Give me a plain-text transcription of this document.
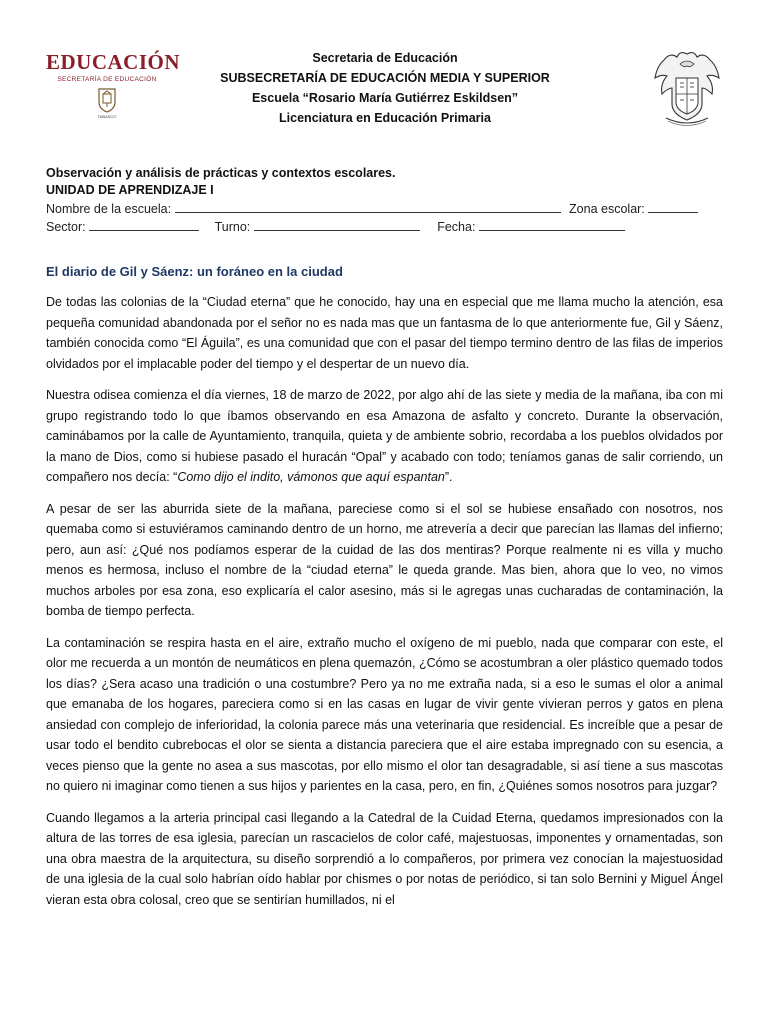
EDUCACIÓN
SECRETARÍA DE EDUCACIÓN
TABASCO
Secretaria de Educación
SUBSECRETARÍA DE EDUCACIÓN MEDIA Y SUPERIOR
Escuela “Rosario María Gutiérrez Eskildsen”
Licenciatura en Educación Primaria
Observación y análisis de prácticas y contextos escolares.
UNIDAD DE APRENDIZAJE I
Nombre de la escuela:	Zona escolar:
Sector:	Turno:	Fecha:
El diario de Gil y Sáenz: un foráneo en la ciudad

De todas las colonias de la “Ciudad eterna” que he conocido, hay una en especial que me llama mucho la atención, esa pequeña comunidad abandonada por el señor no es nada mas que un fantasma de lo que anteriormente fue, Gil y Sáenz, también conocida como “El Águila”, es una comunidad que con el pasar del tiempo termino dentro de las filas de imperios olvidados por el implacable poder del tiempo y el despertar de un nuevo día.

Nuestra odisea comienza el día viernes, 18 de marzo de 2022, por algo ahí de las siete y media de la mañana, iba con mi grupo registrando todo lo que íbamos observando en esa Amazona de asfalto y concreto. Durante la observación, caminábamos por la calle de Ayuntamiento, tranquila, quieta y de ambiente sobrio, recordaba a los pueblos olvidados por la mano de Dios, como si hubiese pasado el huracán “Opal” y acabado con todo; teníamos ganas de salir corriendo, un compañero nos decía: “Como dijo el indito, vámonos que aquí espantan”.

A pesar de ser las aburrida siete de la mañana, pareciese como si el sol se hubiese ensañado con nosotros, nos quemaba como si estuviéramos caminando dentro de un horno, me atrevería a decir que parecían las llamas del infierno; pero, aun así: ¿Qué nos podíamos esperar de la cuidad de las dos mentiras? Porque realmente ni es villa y mucho menos es hermosa, incluso el nombre de la “ciudad eterna” le queda grande. Mas bien, ahora que lo veo, no vimos muchos arboles por esa zona, eso explicaría el calor asesino, más si le agregas unas cucharadas de contaminación, la bomba de tiempo perfecta.

La contaminación se respira hasta en el aire, extraño mucho el oxígeno de mi pueblo, nada que comparar con este, el olor me recuerda a un montón de neumáticos en plena quemazón, ¿Cómo se acostumbran a oler plástico quemado todos los días? ¿Sera acaso una tradición o una costumbre? Pero ya no me extraña nada, si a eso le sumas el olor a animal que emanaba de los hogares, pareciera como si en las casas en lugar de vivir gente vivieran perros y gatos en plena ansiedad con complejo de inferioridad, la colonia parece más una veterinaria que residencial. Es increíble que a pesar de usar todo el bendito cubrebocas el olor se sienta a distancia pareciera que el aire estaba impregnado con su esencia, a veces pienso que la gente no asea a sus mascotas, por ello mismo el olor tan desagradable, si así tiene a sus mascotas no quiero ni imaginar como tienen a sus hijos y parientes en la casa, pero, en fin, ¿Quiénes somos nosotros para juzgar?

Cuando llegamos a la arteria principal casi llegando a la Catedral de la Cuidad Eterna, quedamos impresionados con la altura de las torres de esa iglesia, parecían un rascacielos de color café, majestuosas, imponentes y ornamentadas, son una obra maestra de la arquitectura, su diseño sorprendió a lo compañeros, por primera vez conocían la majestuosidad de una iglesia de la cual solo habrían oído hablar por chismes o por notas de periódico, si tan solo Bernini y Miguel Ángel vieran esta obra colosal, creo que se sentirían humillados, ni el
